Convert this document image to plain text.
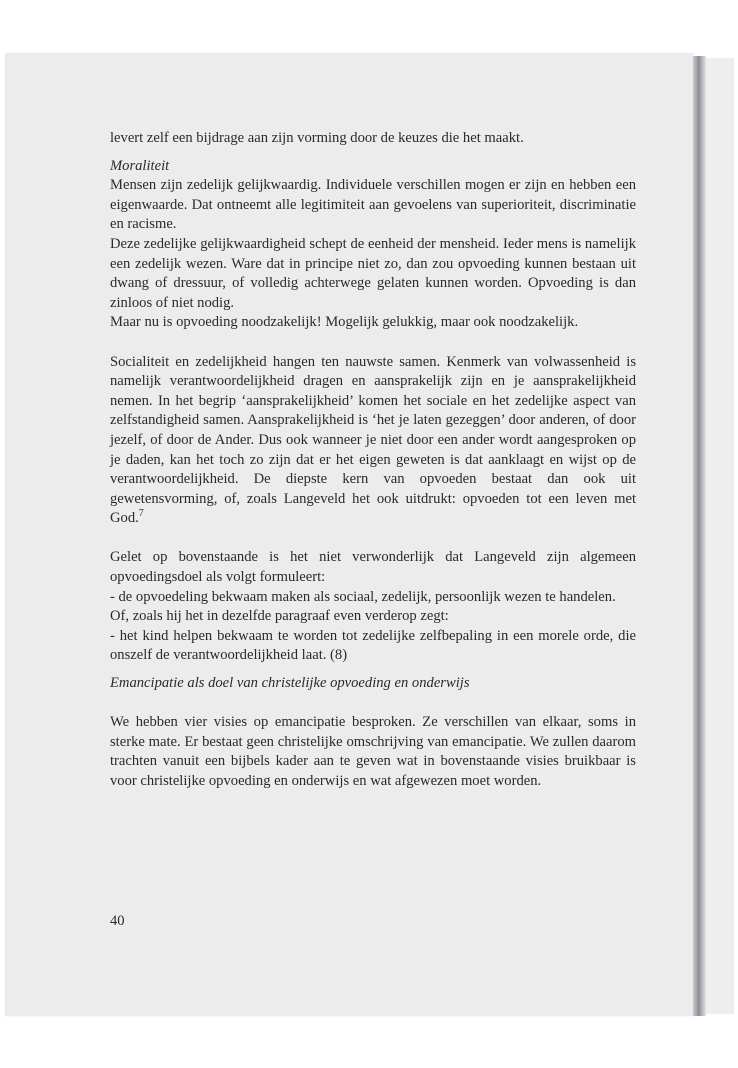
levert zelf een bijdrage aan zijn vorming door de keuzes die het maakt.

Moraliteit

Mensen zijn zedelijk gelijkwaardig. Individuele verschillen mogen er zijn en hebben een eigenwaarde. Dat ontneemt alle legitimiteit aan gevoelens van superioriteit, discriminatie en racisme.

Deze zedelijke gelijkwaardigheid schept de eenheid der mensheid. Ieder mens is namelijk een zedelijk wezen. Ware dat in principe niet zo, dan zou opvoeding kunnen bestaan uit dwang of dressuur, of volledig achterwege gelaten kunnen worden. Opvoeding is dan zinloos of niet nodig.

Maar nu is opvoeding noodzakelijk! Mogelijk gelukkig, maar ook noodzakelijk.

Socialiteit en zedelijkheid hangen ten nauwste samen. Kenmerk van volwassenheid is namelijk verantwoordelijkheid dragen en aansprakelijk zijn en je aansprakelijkheid nemen. In het begrip ‘aansprakelijkheid’ komen het sociale en het zedelijke aspect van zelfstandigheid samen. Aansprakelijkheid is ‘het je laten gezeggen’ door anderen, of door jezelf, of door de Ander. Dus ook wanneer je niet door een ander wordt aangesproken op je daden, kan het toch zo zijn dat er het eigen geweten is dat aanklaagt en wijst op de verantwoordelijkheid. De diepste kern van opvoeden bestaat dan ook uit gewetensvorming, of, zoals Langeveld het ook uitdrukt: opvoeden tot een leven met God.$^7$

Gelet op bovenstaande is het niet verwonderlijk dat Langeveld zijn algemeen opvoedingsdoel als volgt formuleert:

- de opvoedeling bekwaam maken als sociaal, zedelijk, persoonlijk wezen te handelen.

Of, zoals hij het in dezelfde paragraaf even verderop zegt:

- het kind helpen bekwaam te worden tot zedelijke zelfbepaling in een morele orde, die onszelf de verantwoordelijkheid laat. (8)

Emancipatie als doel van christelijke opvoeding en onderwijs

We hebben vier visies op emancipatie besproken. Ze verschillen van elkaar, soms in sterke mate. Er bestaat geen christelijke omschrijving van emancipatie. We zullen daarom trachten vanuit een bijbels kader aan te geven wat in bovenstaande visies bruikbaar is voor christelijke opvoeding en onderwijs en wat afgewezen moet worden.

40
